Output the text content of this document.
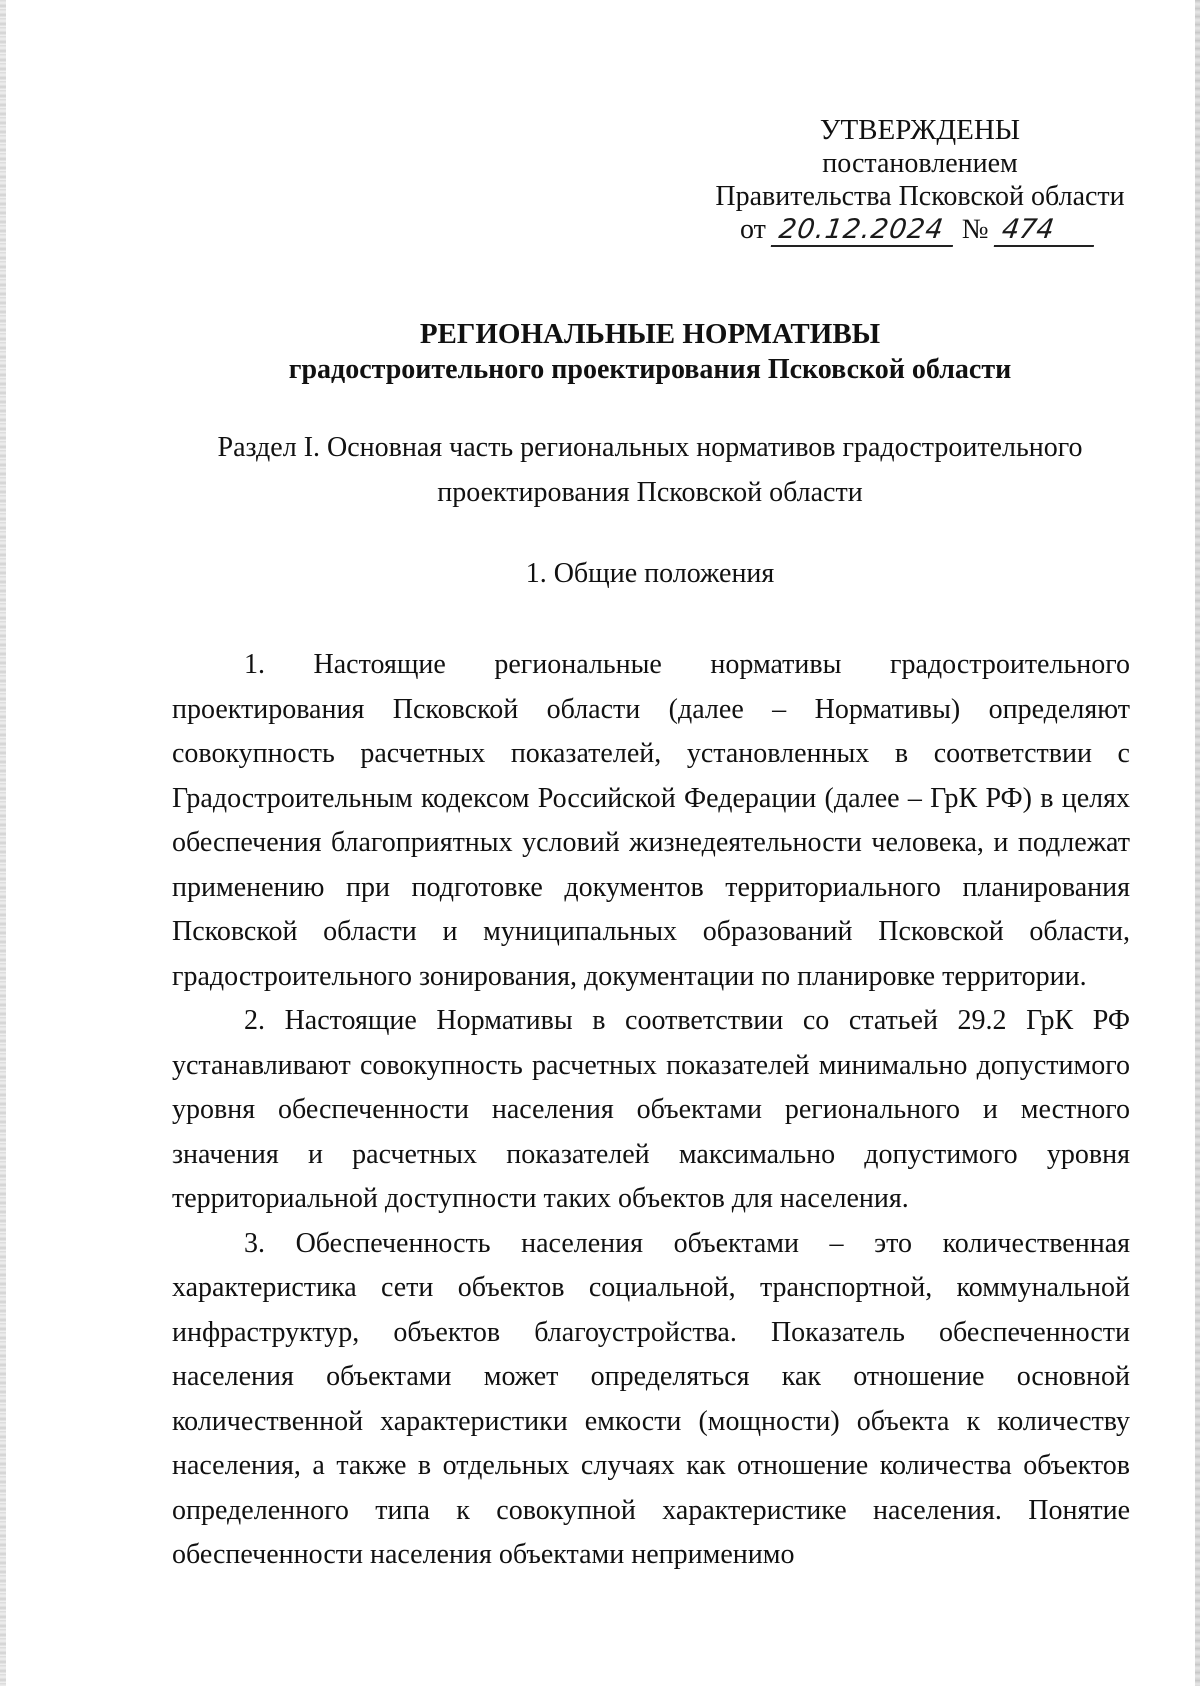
УТВЕРЖДЕНЫ
постановлением
Правительства Псковской области
от 20.12.2024 № 474
РЕГИОНАЛЬНЫЕ НОРМАТИВЫ
градостроительного проектирования Псковской области
Раздел I. Основная часть региональных нормативов градостроительного
проектирования Псковской области
1. Общие положения

1. Настоящие региональные нормативы градостроительного проектирования Псковской области (далее – Нормативы) определяют совокупность расчетных показателей, установленных в соответствии с Градостроительным кодексом Российской Федерации (далее – ГрК РФ) в целях обеспечения благоприятных условий жизнедеятельности человека, и подлежат применению при подготовке документов территориального планирования Псковской области и муниципальных образований Псковской области, градостроительного зонирования, документации по планировке территории.

2. Настоящие Нормативы в соответствии со статьей 29.2 ГрК РФ устанавливают совокупность расчетных показателей минимально допустимого уровня обеспеченности населения объектами регионального и местного значения и расчетных показателей максимально допустимого уровня территориальной доступности таких объектов для населения.

3. Обеспеченность населения объектами – это количественная характеристика сети объектов социальной, транспортной, коммунальной инфраструктур, объектов благоустройства. Показатель обеспеченности населения объектами может определяться как отношение основной количественной характеристики емкости (мощности) объекта к количеству населения, а также в отдельных случаях как отношение количества объектов определенного типа к совокупной характеристике населения. Понятие обеспеченности населения объектами неприменимо
